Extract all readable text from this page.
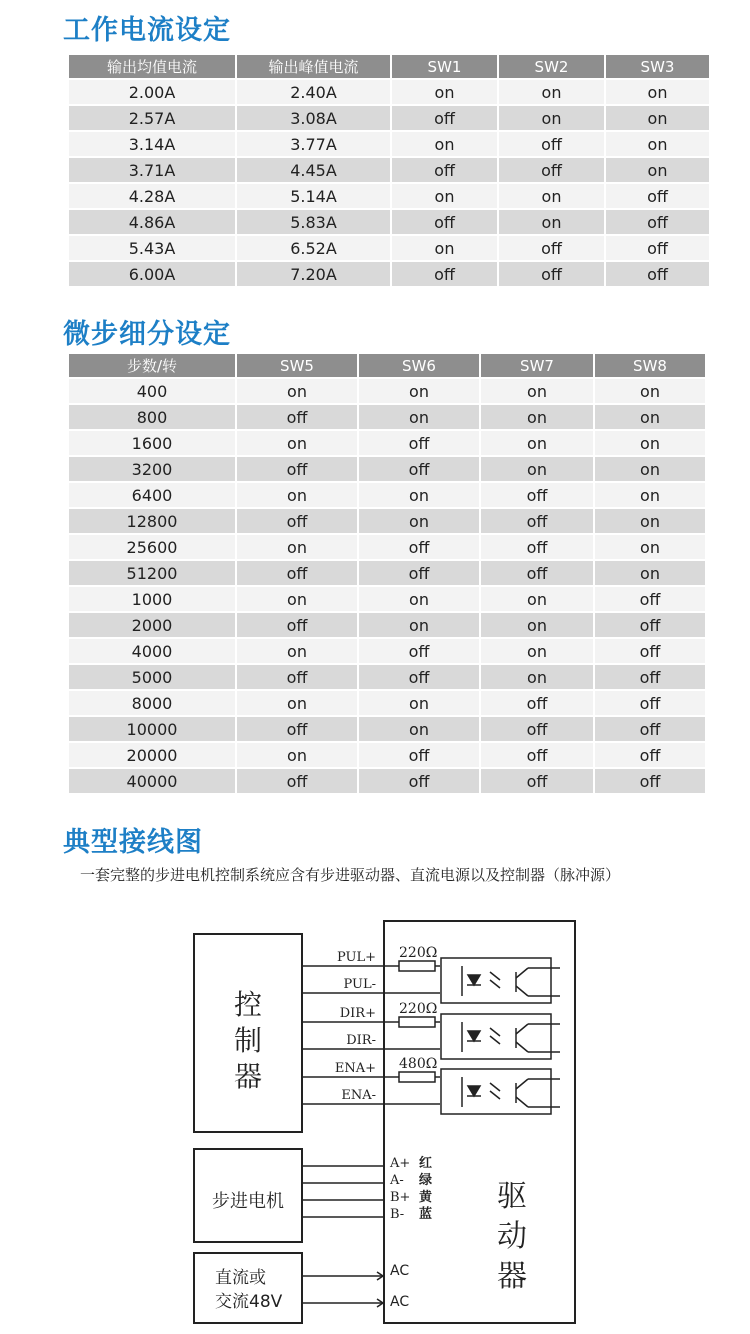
工作电流设定
输出均值电流	输出峰值电流	SW1	SW2	SW3
2.00A	2.40A	on	on	on
2.57A	3.08A	off	on	on
3.14A	3.77A	on	off	on
3.71A	4.45A	off	off	on
4.28A	5.14A	on	on	off
4.86A	5.83A	off	on	off
5.43A	6.52A	on	off	off
6.00A	7.20A	off	off	off
微步细分设定
步数/转	SW5	SW6	SW7	SW8
400	on	on	on	on
800	off	on	on	on
1600	on	off	on	on
3200	off	off	on	on
6400	on	on	off	on
12800	off	on	off	on
25600	on	off	off	on
51200	off	off	off	on
1000	on	on	on	off
2000	off	on	on	off
4000	on	off	on	off
5000	off	off	on	off
8000	on	on	off	off
10000	off	on	off	off
20000	on	off	off	off
40000	off	off	off	off
典型接线图

一套完整的步进电机控制系统应含有步进驱动器、直流电源以及控制器（脉冲源）

控
制
器
步进电机
直流或
交流48V
驱
动
器
PUL+
PUL-
DIR+
DIR-
ENA+
ENA-
220Ω
220Ω
480Ω
A+
A-
B+
B-
红
绿
黄
蓝
AC
AC
